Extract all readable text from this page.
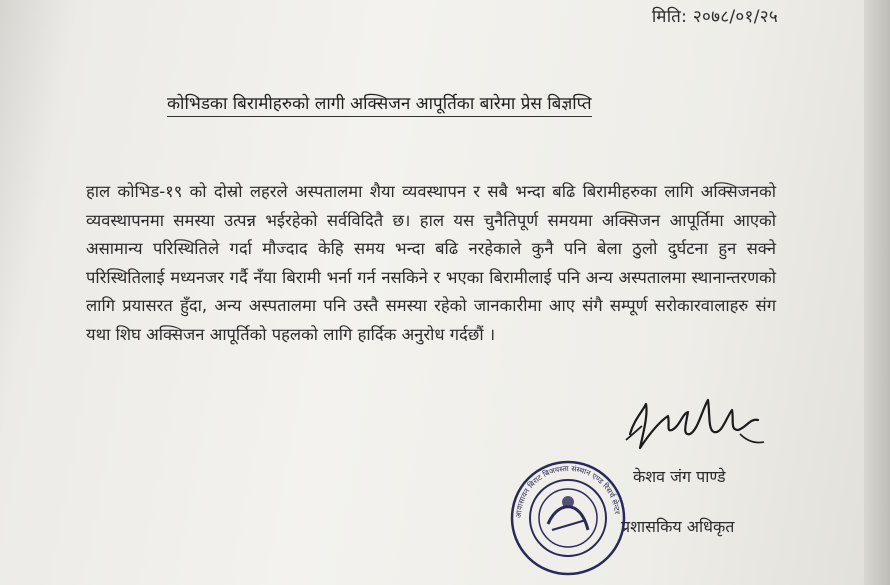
मिति: २०७८/०१/२५
कोभिडका बिरामीहरुको लागी अक्सिजन आपूर्तिका बारेमा प्रेस बिज्ञप्ति
हाल कोभिड-१९ को दोस्रो लहरले अस्पतालमा शैया व्यवस्थापन र सबै भन्दा बढि बिरामीहरुका लागि अक्सिजनको व्यवस्थापनमा समस्या उत्पन्न भईरहेको सर्वविदितै छ। हाल यस चुनैतिपूर्ण समयमा अक्सिजन आपूर्तिमा आएको असामान्य परिस्थितिले गर्दा मौज्दाद केहि समय भन्दा बढि नरहेकाले कुनै पनि बेला ठुलो दुर्घटना हुन सक्ने परिस्थितिलाई मध्यनजर गर्दै नँया बिरामी भर्ना गर्न नसकिने र भएका बिरामीलाई पनि अन्य अस्पतालमा स्थानान्तरणको लागि प्रयासरत हुँदा, अन्य अस्पतालमा पनि उस्तै समस्या रहेको जानकारीमा आए संगै सम्पूर्ण सरोकारवालाहरु संग यथा शिघ अक्सिजन आपूर्तिको पहलको लागि हार्दिक अनुरोध गर्दछौं ।
केशव जंग पाण्डे
प्रशासकिय अधिकृत
आवासायन बिराट बिजयस्ता संस्थान एण्ड रिसर्च सेन्टर
